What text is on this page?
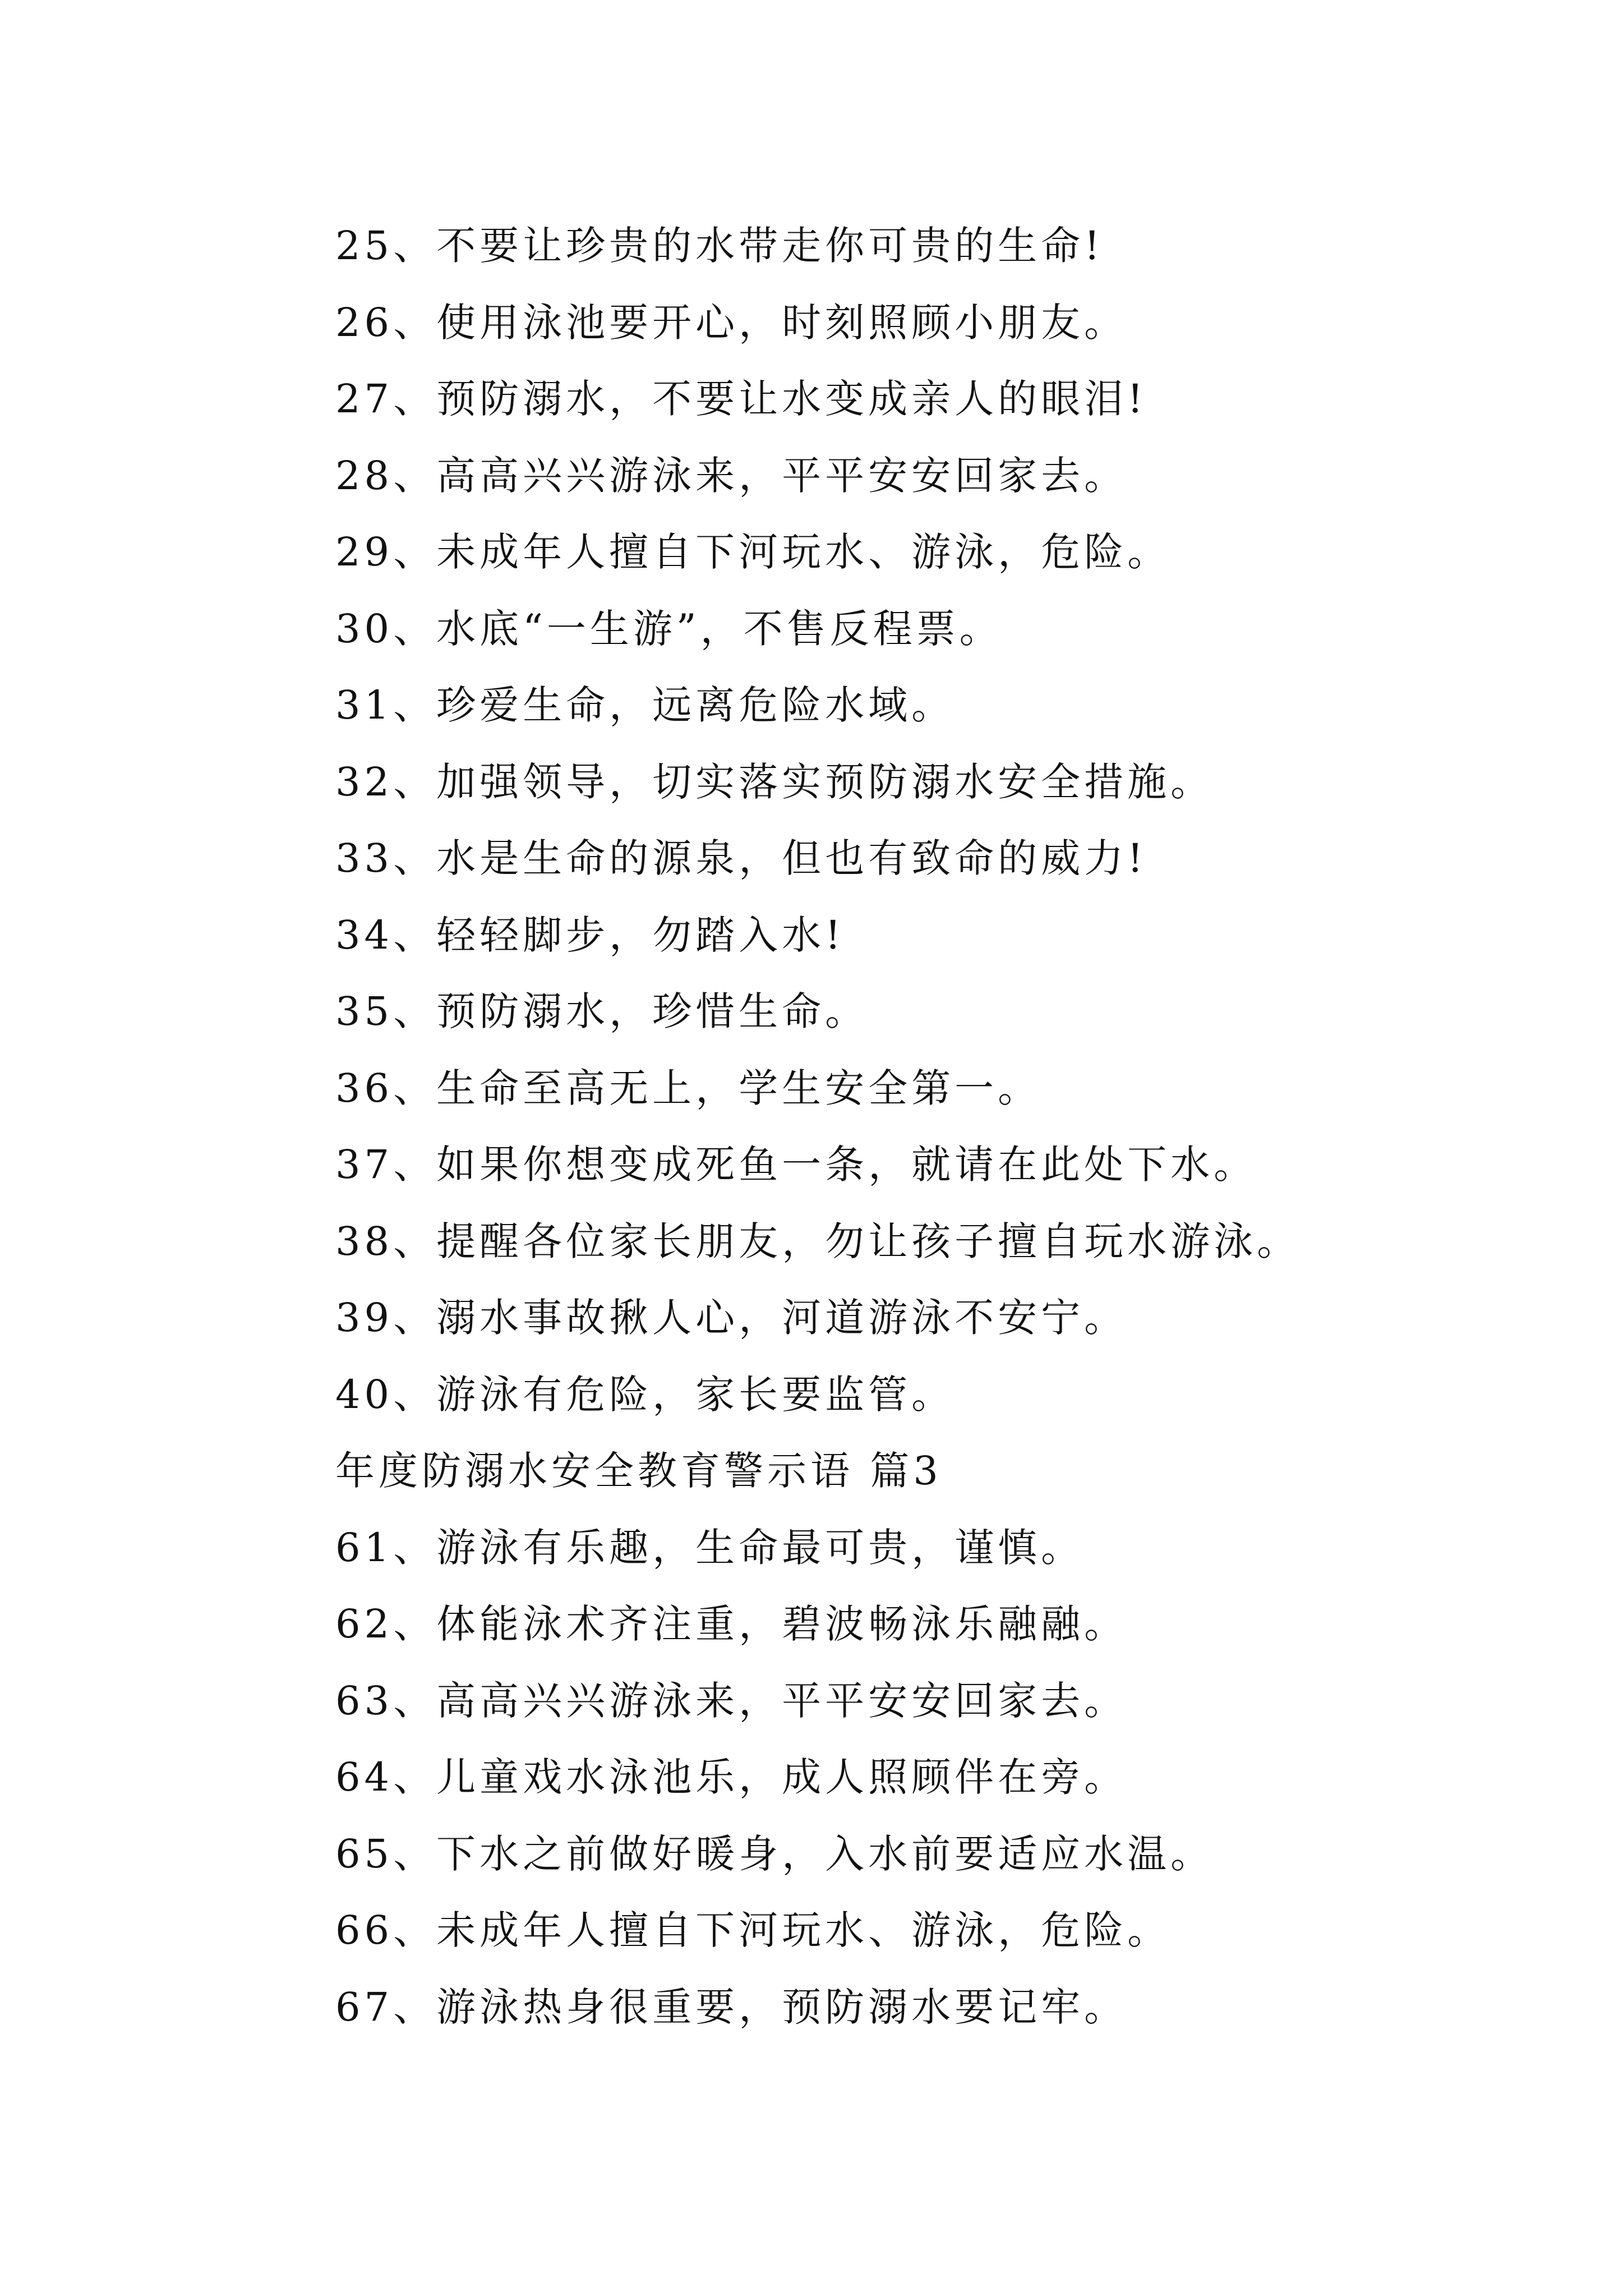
25、不要让珍贵的水带走你可贵的生命!
26、使用泳池要开心，时刻照顾小朋友。
27、预防溺水，不要让水变成亲人的眼泪!
28、高高兴兴游泳来，平平安安回家去。
29、未成年人擅自下河玩水、游泳，危险。
30、水底“一生游”，不售反程票。
31、珍爱生命，远离危险水域。
32、加强领导，切实落实预防溺水安全措施。
33、水是生命的源泉，但也有致命的威力!
34、轻轻脚步，勿踏入水!
35、预防溺水，珍惜生命。
36、生命至高无上，学生安全第一。
37、如果你想变成死鱼一条，就请在此处下水。
38、提醒各位家长朋友，勿让孩子擅自玩水游泳。
39、溺水事故揪人心，河道游泳不安宁。
40、游泳有危险，家长要监管。
年度防溺水安全教育警示语 篇3
61、游泳有乐趣，生命最可贵，谨慎。
62、体能泳术齐注重，碧波畅泳乐融融。
63、高高兴兴游泳来，平平安安回家去。
64、儿童戏水泳池乐，成人照顾伴在旁。
65、下水之前做好暖身，入水前要适应水温。
66、未成年人擅自下河玩水、游泳，危险。
67、游泳热身很重要，预防溺水要记牢。
